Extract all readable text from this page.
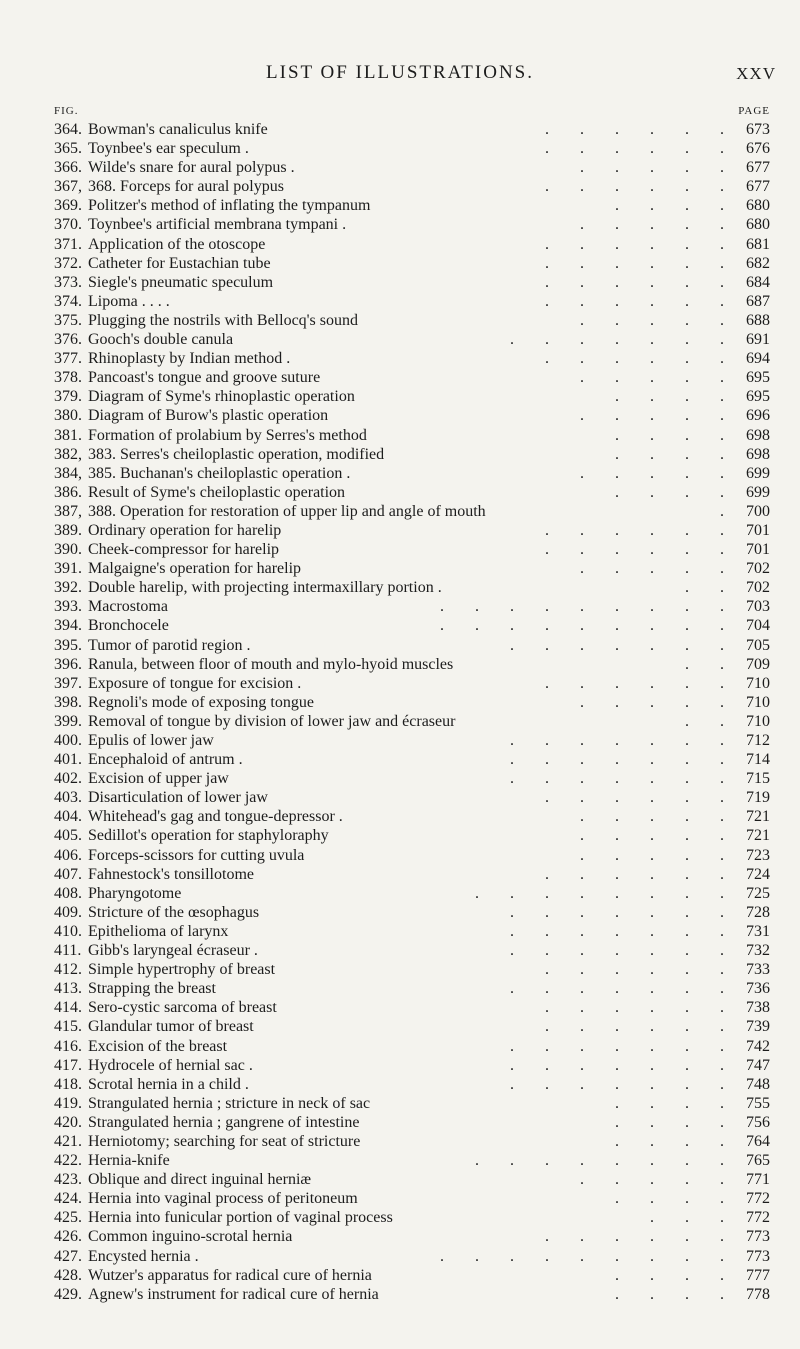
LIST OF ILLUSTRATIONS.	XXV
FIG.	PAGE
364. Bowman's canaliculus knife	. . . . . . 673
365. Toynbee's ear speculum .	. . . . . . 676
366. Wilde's snare for aural polypus .	. . . . . 677
367, 368. Forceps for aural polypus	. . . . . . 677
369. Politzer's method of inflating the tympanum	. . . . 680
370. Toynbee's artificial membrana tympani .	. . . . . 680
371. Application of the otoscope	. . . . . . 681
372. Catheter for Eustachian tube	. . . . . . 682
373. Siegle's pneumatic speculum	. . . . . . 684
374. Lipoma . . . .	. . . . . . 687
375. Plugging the nostrils with Bellocq's sound	. . . . . 688
376. Gooch's double canula	. . . . . . . 691
377. Rhinoplasty by Indian method .	. . . . . . 694
378. Pancoast's tongue and groove suture	. . . . . 695
379. Diagram of Syme's rhinoplastic operation	. . . . 695
380. Diagram of Burow's plastic operation	. . . . . 696
381. Formation of prolabium by Serres's method	. . . . 698
382, 383. Serres's cheiloplastic operation, modified	. . . . 698
384, 385. Buchanan's cheiloplastic operation .	. . . . . 699
386. Result of Syme's cheiloplastic operation	. . . . 699
387, 388. Operation for restoration of upper lip and angle of mouth	. 700
389. Ordinary operation for harelip	. . . . . . 701
390. Cheek-compressor for harelip	. . . . . . 701
391. Malgaigne's operation for harelip	. . . . . 702
392. Double harelip, with projecting intermaxillary portion .	. . 702
393. Macrostoma	. . . . . . . . . 703
394. Bronchocele	. . . . . . . . . 704
395. Tumor of parotid region .	. . . . . . . 705
396. Ranula, between floor of mouth and mylo-hyoid muscles	. . 709
397. Exposure of tongue for excision .	. . . . . . 710
398. Regnoli's mode of exposing tongue	. . . . . 710
399. Removal of tongue by division of lower jaw and écraseur	. . 710
400. Epulis of lower jaw	. . . . . . . 712
401. Encephaloid of antrum .	. . . . . . . 714
402. Excision of upper jaw	. . . . . . . 715
403. Disarticulation of lower jaw	. . . . . . 719
404. Whitehead's gag and tongue-depressor .	. . . . . 721
405. Sedillot's operation for staphyloraphy	. . . . . 721
406. Forceps-scissors for cutting uvula	. . . . . 723
407. Fahnestock's tonsillotome	. . . . . . 724
408. Pharyngotome	. . . . . . . . 725
409. Stricture of the œsophagus	. . . . . . . 728
410. Epithelioma of larynx	. . . . . . . 731
411. Gibb's laryngeal écraseur .	. . . . . . . 732
412. Simple hypertrophy of breast	. . . . . . 733
413. Strapping the breast	. . . . . . . 736
414. Sero-cystic sarcoma of breast	. . . . . . 738
415. Glandular tumor of breast	. . . . . . 739
416. Excision of the breast	. . . . . . . 742
417. Hydrocele of hernial sac .	. . . . . . . 747
418. Scrotal hernia in a child .	. . . . . . . 748
419. Strangulated hernia ; stricture in neck of sac	. . . . 755
420. Strangulated hernia ; gangrene of intestine	. . . . 756
421. Herniotomy; searching for seat of stricture	. . . . 764
422. Hernia-knife	. . . . . . . . 765
423. Oblique and direct inguinal herniæ	. . . . . 771
424. Hernia into vaginal process of peritoneum	. . . . 772
425. Hernia into funicular portion of vaginal process	. . . 772
426. Common inguino-scrotal hernia	. . . . . . 773
427. Encysted hernia .	. . . . . . . . . 773
428. Wutzer's apparatus for radical cure of hernia	. . . . 777
429. Agnew's instrument for radical cure of hernia	. . . . 778
